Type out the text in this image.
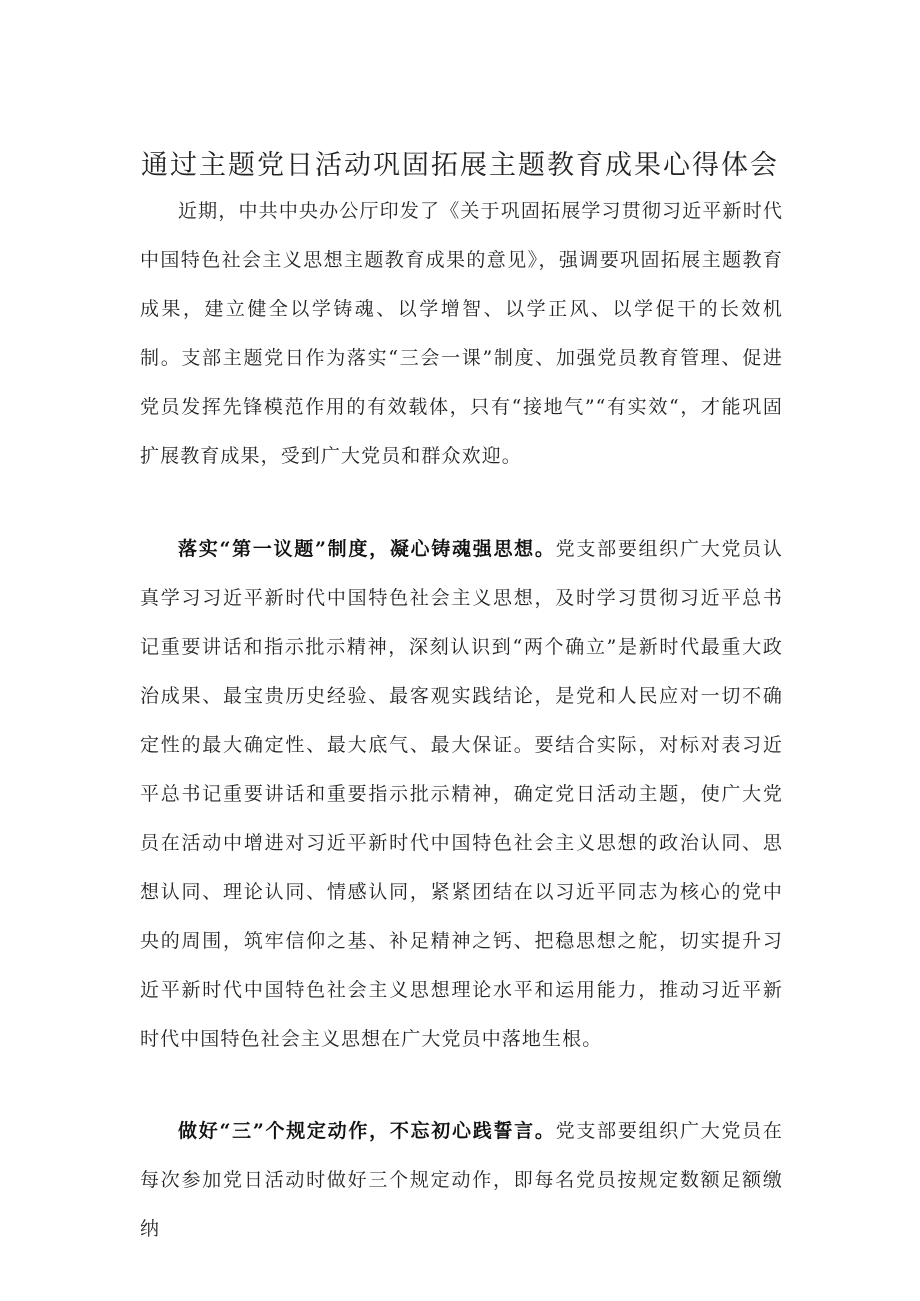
通过主题党日活动巩固拓展主题教育成果心得体会

近期，中共中央办公厅印发了《关于巩固拓展学习贯彻习近平新时代中国特色社会主义思想主题教育成果的意见》，强调要巩固拓展主题教育成果，建立健全以学铸魂、以学增智、以学正风、以学促干的长效机制。支部主题党日作为落实“三会一课”制度、加强党员教育管理、促进党员发挥先锋模范作用的有效载体，只有“接地气”“有实效“，才能巩固扩展教育成果，受到广大党员和群众欢迎。

落实“第一议题”制度，凝心铸魂强思想。党支部要组织广大党员认真学习习近平新时代中国特色社会主义思想，及时学习贯彻习近平总书记重要讲话和指示批示精神，深刻认识到“两个确立”是新时代最重大政治成果、最宝贵历史经验、最客观实践结论，是党和人民应对一切不确定性的最大确定性、最大底气、最大保证。要结合实际，对标对表习近平总书记重要讲话和重要指示批示精神，确定党日活动主题，使广大党员在活动中增进对习近平新时代中国特色社会主义思想的政治认同、思想认同、理论认同、情感认同，紧紧团结在以习近平同志为核心的党中央的周围，筑牢信仰之基、补足精神之钙、把稳思想之舵，切实提升习近平新时代中国特色社会主义思想理论水平和运用能力，推动习近平新时代中国特色社会主义思想在广大党员中落地生根。

做好“三”个规定动作，不忘初心践誓言。党支部要组织广大党员在每次参加党日活动时做好三个规定动作，即每名党员按规定数额足额缴纳
